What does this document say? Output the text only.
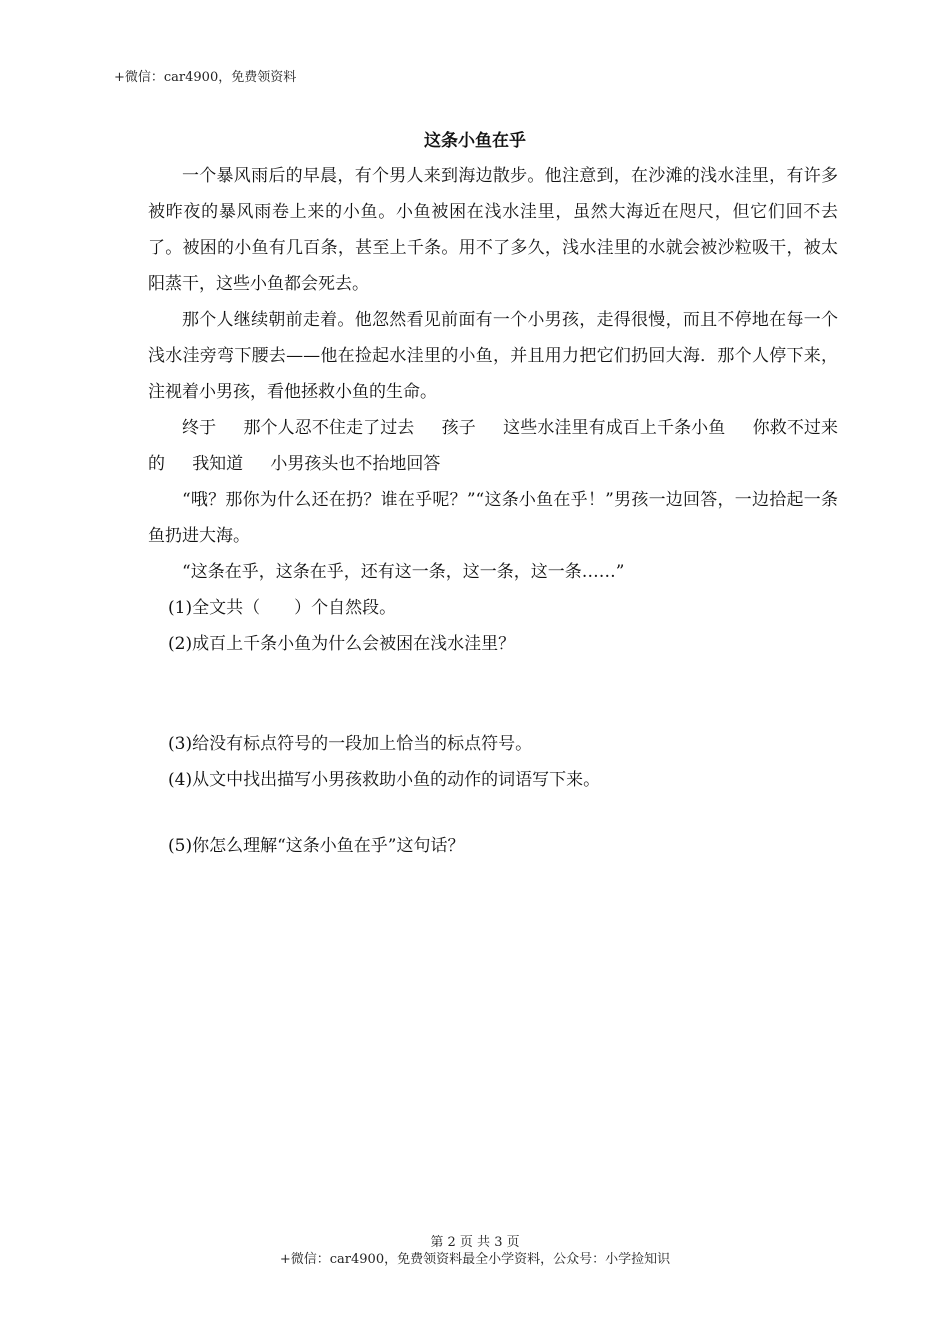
+微信：car4900，免费领资料
这条小鱼在乎

一个暴风雨后的早晨，有个男人来到海边散步。他注意到，在沙滩的浅水洼里，有许多被昨夜的暴风雨卷上来的小鱼。小鱼被困在浅水洼里，虽然大海近在咫尺，但它们回不去了。被困的小鱼有几百条，甚至上千条。用不了多久，浅水洼里的水就会被沙粒吸干，被太阳蒸干，这些小鱼都会死去。

那个人继续朝前走着。他忽然看见前面有一个小男孩，走得很慢，而且不停地在每一个浅水洼旁弯下腰去——他在捡起水洼里的小鱼，并且用力把它们扔回大海．那个人停下来，注视着小男孩，看他拯救小鱼的生命。

终于 那个人忍不住走了过去 孩子 这些水洼里有成百上千条小鱼 你救不过来的 我知道 小男孩头也不抬地回答

“哦？那你为什么还在扔？谁在乎呢？”“这条小鱼在乎！”男孩一边回答，一边拾起一条鱼扔进大海。

“这条在乎，这条在乎，还有这一条，这一条，这一条……”

(1)全文共（　　）个自然段。

(2)成百上千条小鱼为什么会被困在浅水洼里？

(3)给没有标点符号的一段加上恰当的标点符号。

(4)从文中找出描写小男孩救助小鱼的动作的词语写下来。

(5)你怎么理解“这条小鱼在乎”这句话？

第 2 页 共 3 页
+微信：car4900，免费领资料最全小学资料，公众号：小学捡知识
